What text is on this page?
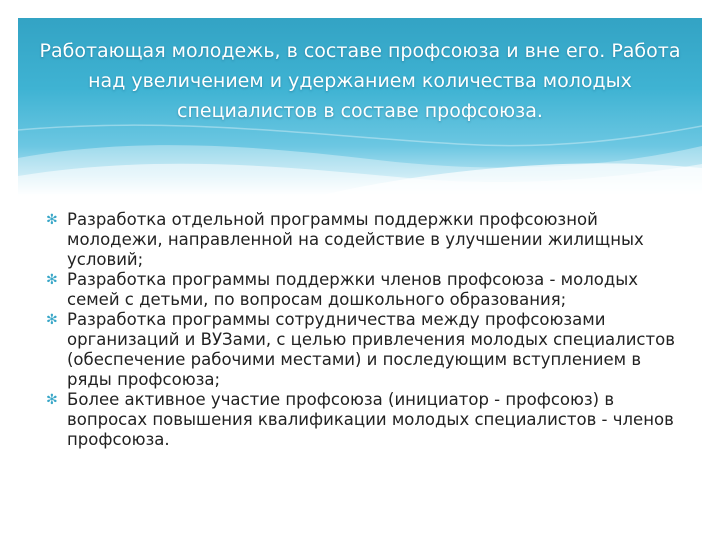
Работающая молодежь, в составе профсоюза и вне его. Работа над увеличением и удержанием количества молодых специалистов в составе профсоюза.
✻ Разработка отдельной программы поддержки профсоюзной молодежи, направленной на содействие в улучшении жилищных условий;
✻ Разработка программы поддержки членов профсоюза - молодых семей с детьми, по вопросам дошкольного образования;
✻ Разработка программы сотрудничества между профсоюзами организаций и ВУЗами, с целью привлечения молодых специалистов (обеспечение рабочими местами) и последующим вступлением в ряды профсоюза;
✻ Более активное участие профсоюза (инициатор - профсоюз) в вопросах повышения квалификации молодых специалистов - членов профсоюза.
